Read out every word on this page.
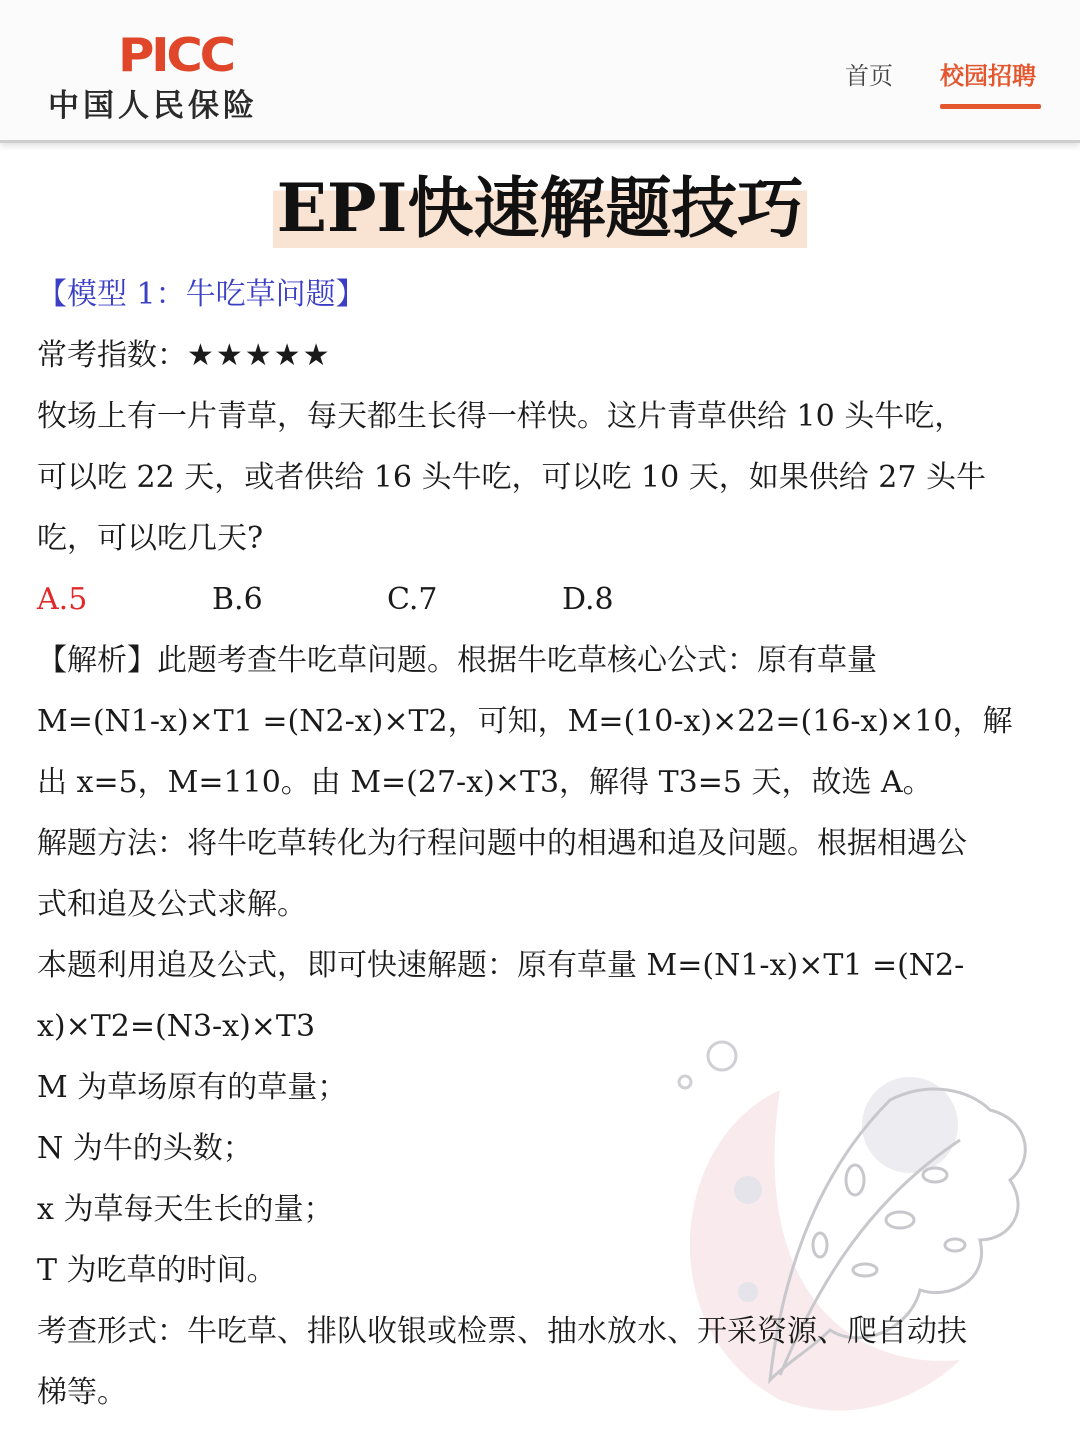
PICC
中国人民保险
首页 校园招聘
EPI快速解题技巧
【模型 1：牛吃草问题】
常考指数：★★★★★
牧场上有一片青草，每天都生长得一样快。这片青草供给 10 头牛吃，
可以吃 22 天，或者供给 16 头牛吃，可以吃 10 天，如果供给 27 头牛
吃，可以吃几天?
A.5	B.6	C.7	D.8
【解析】此题考查牛吃草问题。根据牛吃草核心公式：原有草量
M=(N1-x)×T1 =(N2-x)×T2，可知，M=(10-x)×22=(16-x)×10，解
出 x=5，M=110。由 M=(27-x)×T3，解得 T3=5 天，故选 A。
解题方法：将牛吃草转化为行程问题中的相遇和追及问题。根据相遇公
式和追及公式求解。
本题利用追及公式，即可快速解题：原有草量 M=(N1-x)×T1 =(N2-
x)×T2=(N3-x)×T3
M 为草场原有的草量；
N 为牛的头数；
x 为草每天生长的量；
T 为吃草的时间。
考查形式：牛吃草、排队收银或检票、抽水放水、开采资源、爬自动扶
梯等。
